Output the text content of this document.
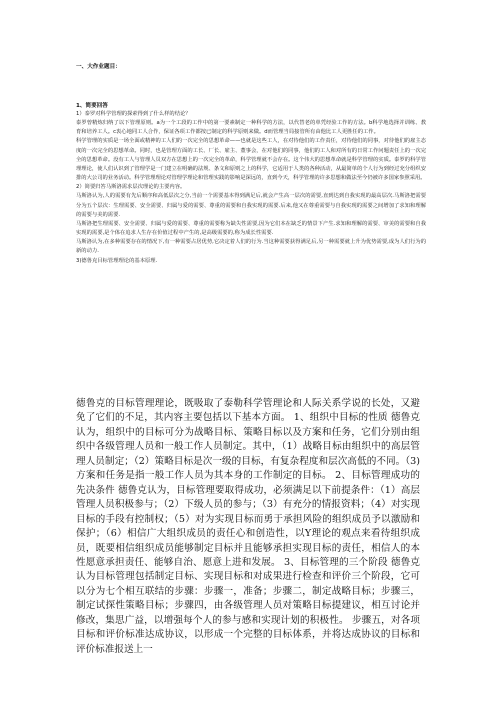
一、大作业题目：
1、简要回答

1）泰罗对科学管理的探索得到了什么样的结论？

泰罗曾精炼归纳了以下管理原则。a为一个工段的工作中的第一要素制定一种科学的方法，以代替老的单凭经验工作的方法。b科学地选择并训练、教育和培养工人。c衷心地同工人合作，保证各项工作都按已制定的科学原则来做。d而管理当局接管所有由他比工人更胜任的工作。

科学管理的实质是一场全面或精神的工人们的一次完全的思想革命——也就是这些工人，在对待他们的工作责任，对待他们的同事，对待他们的雇主态度的一次完全的思想革命。同时，也是管理方面的工长、厂长、雇主、董事会，在对他们的同事，他们的工人和对所有的日常工作问题责任上的一次完全的思想革命。没有工人与管理人员双方在思想上的一次完全的革命，科学管理就不会存在。这个伟大的思想革命就是科学管理的实质。泰罗的科学管理理论，使人们认识到了管理学是一门建立在明确的法规、条文和原则之上的科学，它适用于人类的各种活动，从最简单的个人行为到经过充分组织安排的大公司的业务活动。科学管理理论对管理学理论和管理实践的影响是深远的，直到今天，科学管理的许多思想和做法至今仍被许多国家参照采用。

2）简要归答马斯洛需求层次理论的主要内容。

马斯洛认为,人的需要有先后顺序和高低层次之分,当前一个需要基本得到满足后,就会产生高一层次的需要,直到达到自我实现的最高层次.马斯洛把需要分为五个层次：生理需要、安全需要、归属与爱的需要、尊重的需要和自我实现的需要.后来,他又在尊重需要与自我实现的需要之间增加了求知和理解的需要与美的需要.

马斯洛把生理需要、安全需要、归属与爱的需要、尊重的需要称为缺失性需要,因为它们本在缺乏的情景下产生.求知和理解的需要、审美的需要和自我实现的需要,是个体在追求人生存在价值过程中产生的,是高级需要的,称为成长性需要.

马斯洛认为,在多种需要存在的情况下,有一种需要占居优势,它决定着人们的行为.当这种需要获得满足后,另一种需要就上升为优势需要,成为人们行为的新的动力.

3)德鲁克目标管理理论的基本原理.

德鲁克的目标管理理论，既吸取了泰勒科学管理论和人际关系学说的长处，又避免了它们的不足，其内容主要包括以下基本方面。 1、组织中目标的性质 德鲁克认为，组织中的目标可分为战略目标、策略目标以及方案和任务，它们分别由组织中各级管理人员和一般工作人员制定。其中，（1）战略目标由组织中的高层管理人员制定；（2）策略目标是次一级的目标，有复杂程度和层次高低的不同。（3)方案和任务是指一般工作人员为其本身的工作制定的目标。 2、目标管理成功的先决条件 德鲁克认为，目标管理要取得成功，必须满足以下前提条件：（1）高层管理人员积极参与；（2）下级人员的参与；（3）有充分的情报资料；（4）对实现目标的手段有控制权；（5）对为实现目标而勇于承担风险的组织成员予以激励和保护；（6）相信广大组织成员的责任心和创造性，以Y理论的观点来看待组织成员，既要相信组织成员能够制定目标并且能够承担实现目标的责任，相信人的本性愿意承担责任、能够自治、愿意上进和发展。 3、目标管理的三个阶段 德鲁克认为目标管理包括制定目标、实现目标和对成果进行检查和评价三个阶段，它可以分为七个相互联结的步骤：步骤一，准备；步骤二，制定战略目标；步骤三，制定试探性策略目标；步骤四，由各级管理人员对策略目标提建议，相互讨论并修改，集思广益，以增强每个人的参与感和实现计划的积极性。 步骤五，对各项目标和评价标准达成协议，以形成一个完整的目标体系，并将达成协议的目标和评价标准报送上一
